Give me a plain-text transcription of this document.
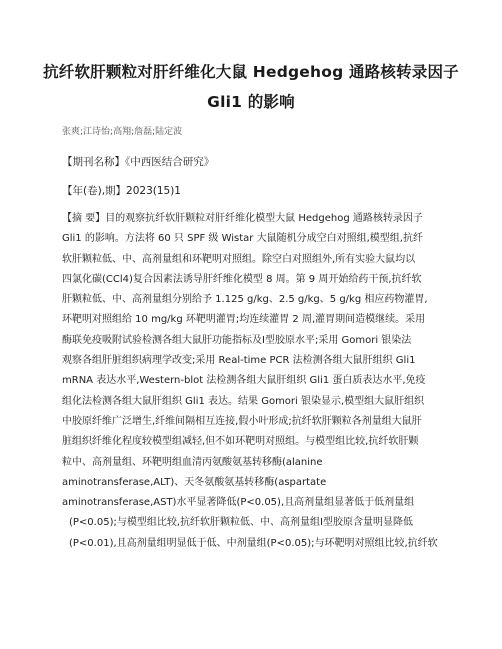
抗纤软肝颗粒对肝纤维化大鼠 Hedgehog 通路核转录因子
Gli1 的影响
张爽;江诗怡;高翔;詹磊;陆定波
【期刊名称】《中西医结合研究》
【年(卷),期】2023(15)1

【摘 要】目的观察抗纤软肝颗粒对肝纤维化模型大鼠 Hedgehog 通路核转录因子

Gli1 的影响。方法将 60 只 SPF 级 Wistar 大鼠随机分成空白对照组,模型组,抗纤

软肝颗粒低、中、高剂量组和环靶明对照组。除空白对照组外,所有实验大鼠均以

四氯化碳(CCl4)复合因素法诱导肝纤维化模型 8 周。第 9 周开始给药干预,抗纤软

肝颗粒低、中、高剂量组分别给予 1.125 g/kg、2.5 g/kg、5 g/kg 相应药物灌胃,

环靶明对照组给 10 mg/kg 环靶明灌胃;均连续灌胃 2 周,灌胃期间造模继续。采用

酶联免疫吸附试验检测各组大鼠肝功能指标及Ⅰ型胶原水平;采用 Gomori 银染法

观察各组肝脏组织病理学改变;采用 Real-time PCR 法检测各组大鼠肝组织 Gli1

mRNA 表达水平,Western-blot 法检测各组大鼠肝组织 Gli1 蛋白质表达水平,免疫

组化法检测各组大鼠肝组织 Gli1 表达。结果 Gomori 银染显示,模型组大鼠肝组织

中胶原纤维广泛增生,纤维间隔相互连接,假小叶形成;抗纤软肝颗粒各剂量组大鼠肝

脏组织纤维化程度较模型组减轻,但不如环靶明对照组。与模型组比较,抗纤软肝颗

粒中、高剂量组、环靶明组血清丙氨酸氨基转移酶(alanine

aminotransferase,ALT)、天冬氨酸氨基转移酶(aspartate

aminotransferase,AST)水平显著降低(P<0.05),且高剂量组显著低于低剂量组

(P<0.05);与模型组比较,抗纤软肝颗粒低、中、高剂量组Ⅰ型胶原含量明显降低

(P<0.01),且高剂量组明显低于低、中剂量组(P<0.05);与环靶明对照组比较,抗纤软
